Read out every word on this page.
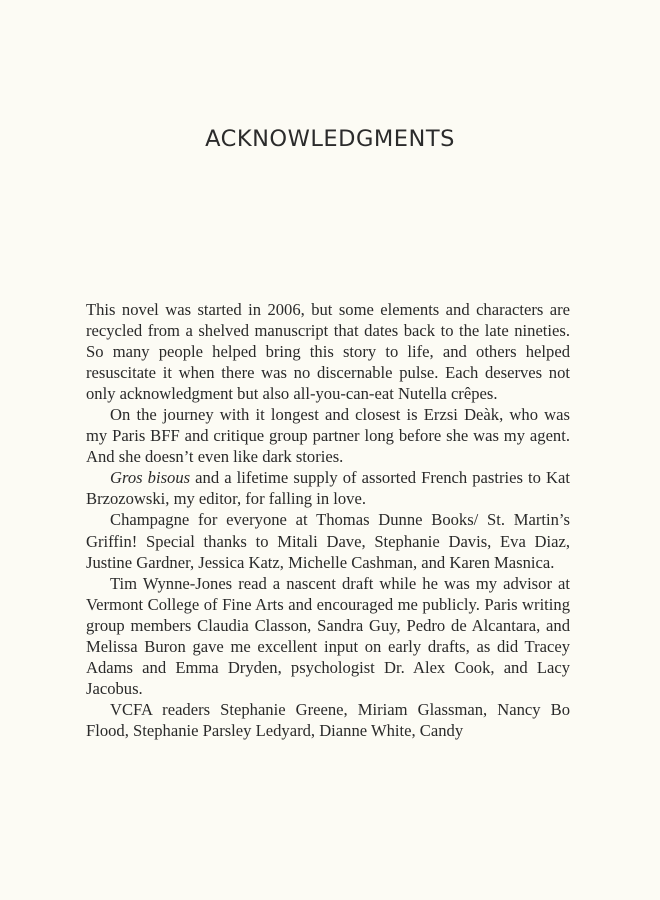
ACKNOWLEDGMENTS

This novel was started in 2006, but some elements and characters are recycled from a shelved manuscript that dates back to the late nineties. So many people helped bring this story to life, and others helped resuscitate it when there was no discernable pulse. Each deserves not only acknowledgment but also all-you-can-eat Nutella crêpes.

On the journey with it longest and closest is Erzsi Deàk, who was my Paris BFF and critique group partner long before she was my agent. And she doesn’t even like dark stories.

Gros bisous and a lifetime supply of assorted French pastries to Kat Brzozowski, my editor, for falling in love.

Champagne for everyone at Thomas Dunne Books/ St. Martin’s Griffin! Special thanks to Mitali Dave, Stephanie Davis, Eva Diaz, Justine Gardner, Jessica Katz, Michelle Cashman, and Karen Masnica.

Tim Wynne-Jones read a nascent draft while he was my advisor at Vermont College of Fine Arts and encouraged me publicly. Paris writing group members Claudia Classon, Sandra Guy, Pedro de Alcantara, and Melissa Buron gave me excellent input on early drafts, as did Tracey Adams and Emma Dryden, psychologist Dr. Alex Cook, and Lacy Jacobus.

VCFA readers Stephanie Greene, Miriam Glassman, Nancy Bo Flood, Stephanie Parsley Ledyard, Dianne White, Candy
